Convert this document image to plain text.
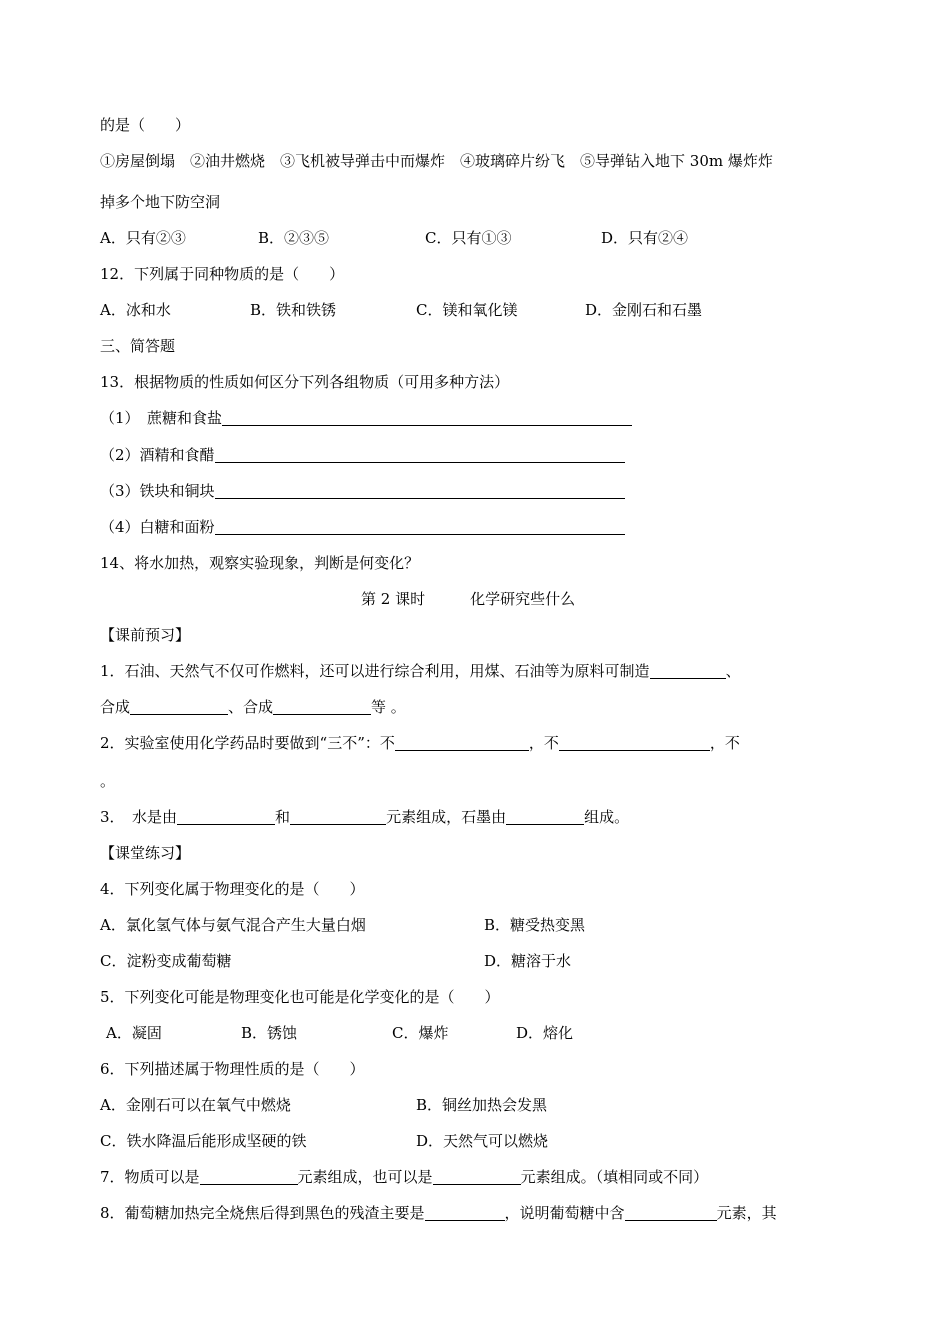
的是（　　）
①房屋倒塌　②油井燃烧　③飞机被导弹击中而爆炸　④玻璃碎片纷飞　⑤导弹钻入地下 30m 爆炸炸
掉多个地下防空洞
A．只有②③	B．②③⑤	C．只有①③	D．只有②④
12．下列属于同种物质的是（　　）
A．冰和水	B．铁和铁锈	C．镁和氧化镁	D．金刚石和石墨
三、简答题
13．根据物质的性质如何区分下列各组物质（可用多种方法）
（1）　蔗糖和食盐
（2）酒精和食醋
（3）铁块和铜块
（4）白糖和面粉
14、将水加热，观察实验现象，判断是何变化？
第 2 课时　　　化学研究些什么
【课前预习】
1．石油、天然气不仅可作燃料，还可以进行综合利用，用煤、石油等为原料可制造	、
合成	、合成	等 。
2．实验室使用化学药品时要做到“三不”：不	，不	，不
。
3．　水是由	和	元素组成，石墨由	组成。
【课堂练习】
4．下列变化属于物理变化的是（　　）
A．氯化氢气体与氨气混合产生大量白烟	B．糖受热变黑
C．淀粉变成葡萄糖	D．糖溶于水
5．下列变化可能是物理变化也可能是化学变化的是（　　）
A．凝固	B．锈蚀	C．爆炸	D．熔化
6．下列描述属于物理性质的是（　　）
A．金刚石可以在氧气中燃烧	B．铜丝加热会发黑
C．铁水降温后能形成坚硬的铁	D．天然气可以燃烧
7．物质可以是	元素组成，也可以是	元素组成。（填相同或不同）
8．葡萄糖加热完全烧焦后得到黑色的残渣主要是	，说明葡萄糖中含	元素，其
